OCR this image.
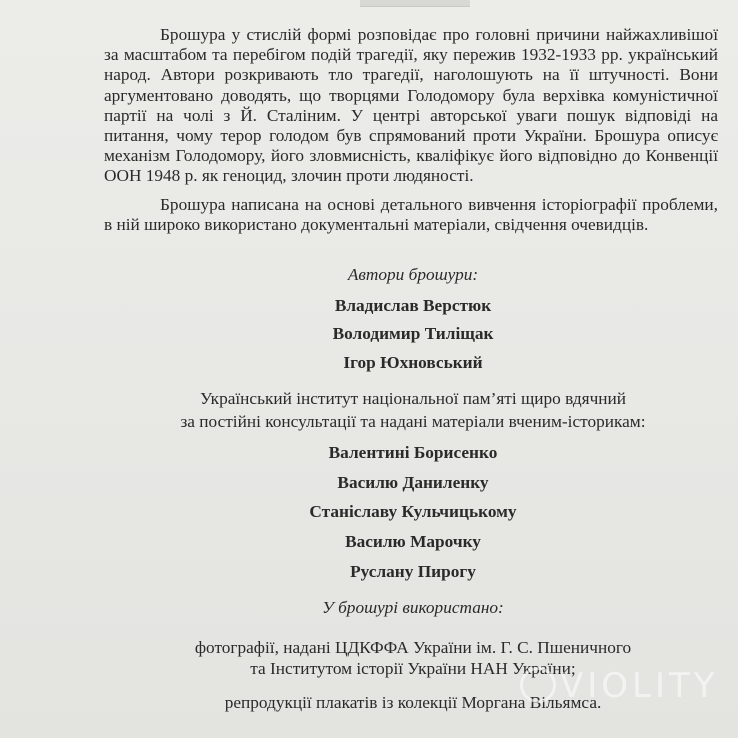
Брошура у стислій формі розповідає про головні причини найжахливішої за масштабом та перебігом подій трагедії, яку пережив 1932-1933 рр. український народ. Автори розкривають тло трагедії, наголошують на її штучності. Вони аргументовано доводять, що творцями Голодомору була верхівка комуністичної партії на чолі з Й. Сталіним. У центрі авторської уваги пошук відповіді на питання, чому терор голодом був спрямований проти України. Брошура описує механізм Голодомору, його зловмисність, кваліфікує його відповідно до Конвенції ООН 1948 р. як геноцид, злочин проти людяності.

Брошура написана на основі детального вивчення історіографії проблеми, в ній широко використано документальні матеріали, свідчення очевидців.

Автори брошури:
Владислав Верстюк
Володимир Тиліщак
Ігор Юхновський
Український інститут національної пам’яті щиро вдячний
за постійні консультації та надані матеріали вченим-історикам:
Валентині Борисенко
Василю Даниленку
Станіславу Кульчицькому
Василю Марочку
Руслану Пирогу
У брошурі використано:
фотографії, надані ЦДКФФА України ім. Г. С. Пшеничного
та Інститутом історії України НАН України;
репродукції плакатів із колекції Моргана Вільямса.
VIOLITY
